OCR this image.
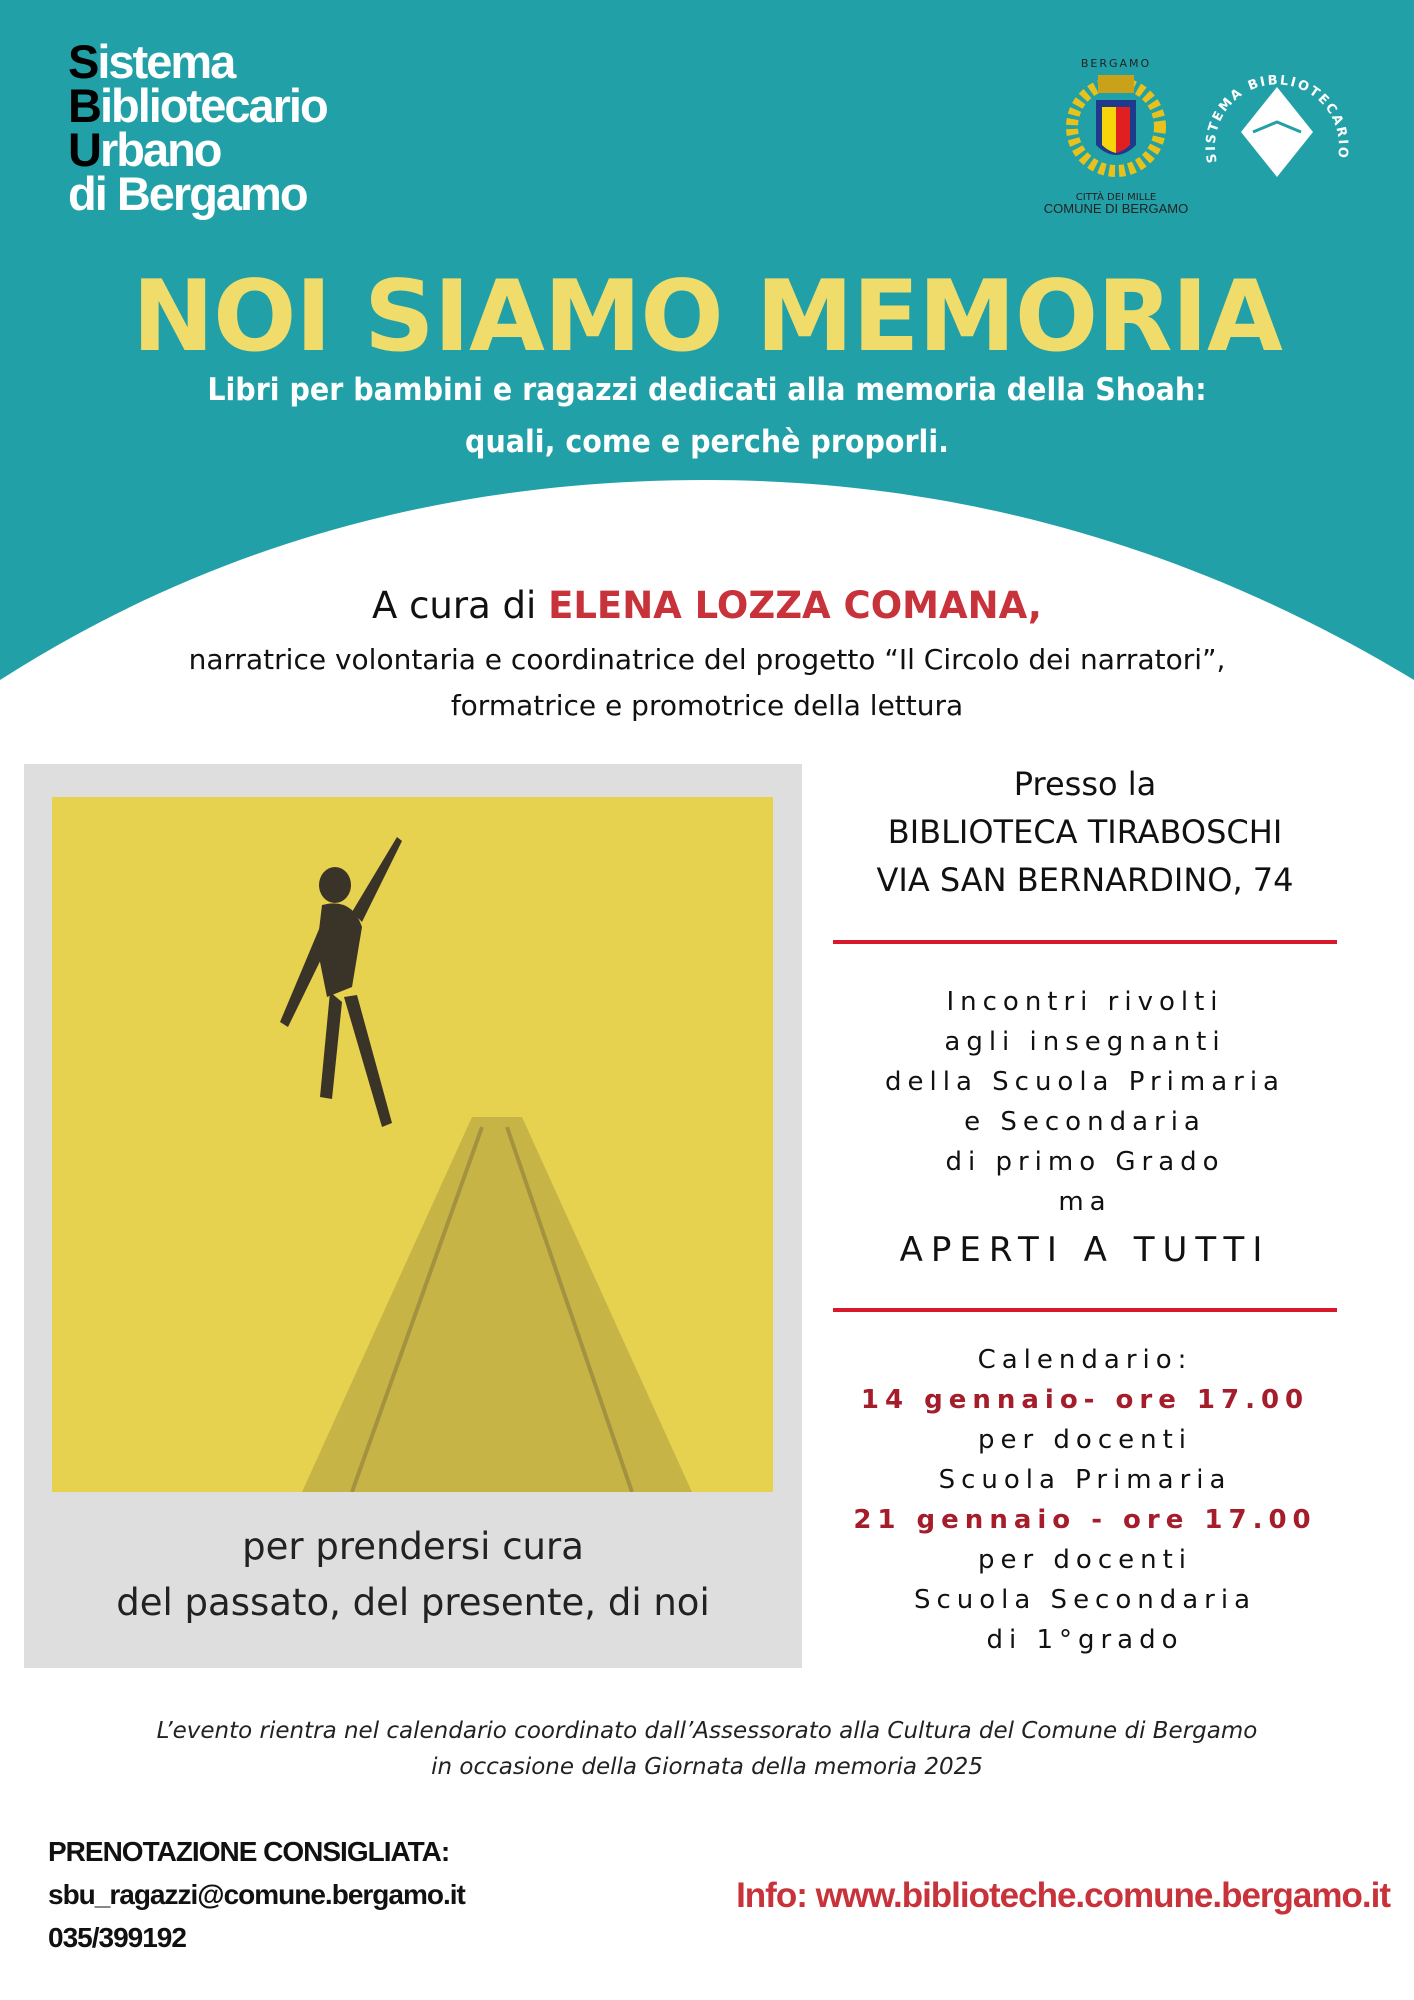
Sistema
Bibliotecario
Urbano
di Bergamo
BERGAMO
CITTÀ DEI MILLE
COMUNE DI BERGAMO
SISTEMA BIBLIOTECARIO
NOI SIAMO MEMORIA
Libri per bambini e ragazzi dedicati alla memoria della Shoah:
quali, come e perchè proporli.
A cura di ELENA LOZZA COMANA,
narratrice volontaria e coordinatrice del progetto “Il Circolo dei narratori”,
formatrice e promotrice della lettura
per prendersi cura
del passato, del presente, di noi
Presso la
BIBLIOTECA TIRABOSCHI
VIA SAN BERNARDINO, 74
Incontri rivolti
agli insegnanti
della Scuola Primaria
e Secondaria
di primo Grado
ma
APERTI A TUTTI
Calendario:
14 gennaio- ore 17.00
per docenti
Scuola Primaria
21 gennaio - ore 17.00
per docenti
Scuola Secondaria
di 1°grado
L’evento rientra nel calendario coordinato dall’Assessorato alla Cultura del Comune di Bergamo
in occasione della Giornata della memoria 2025
PRENOTAZIONE CONSIGLIATA:
sbu_ragazzi@comune.bergamo.it
035/399192
Info: www.biblioteche.comune.bergamo.it
